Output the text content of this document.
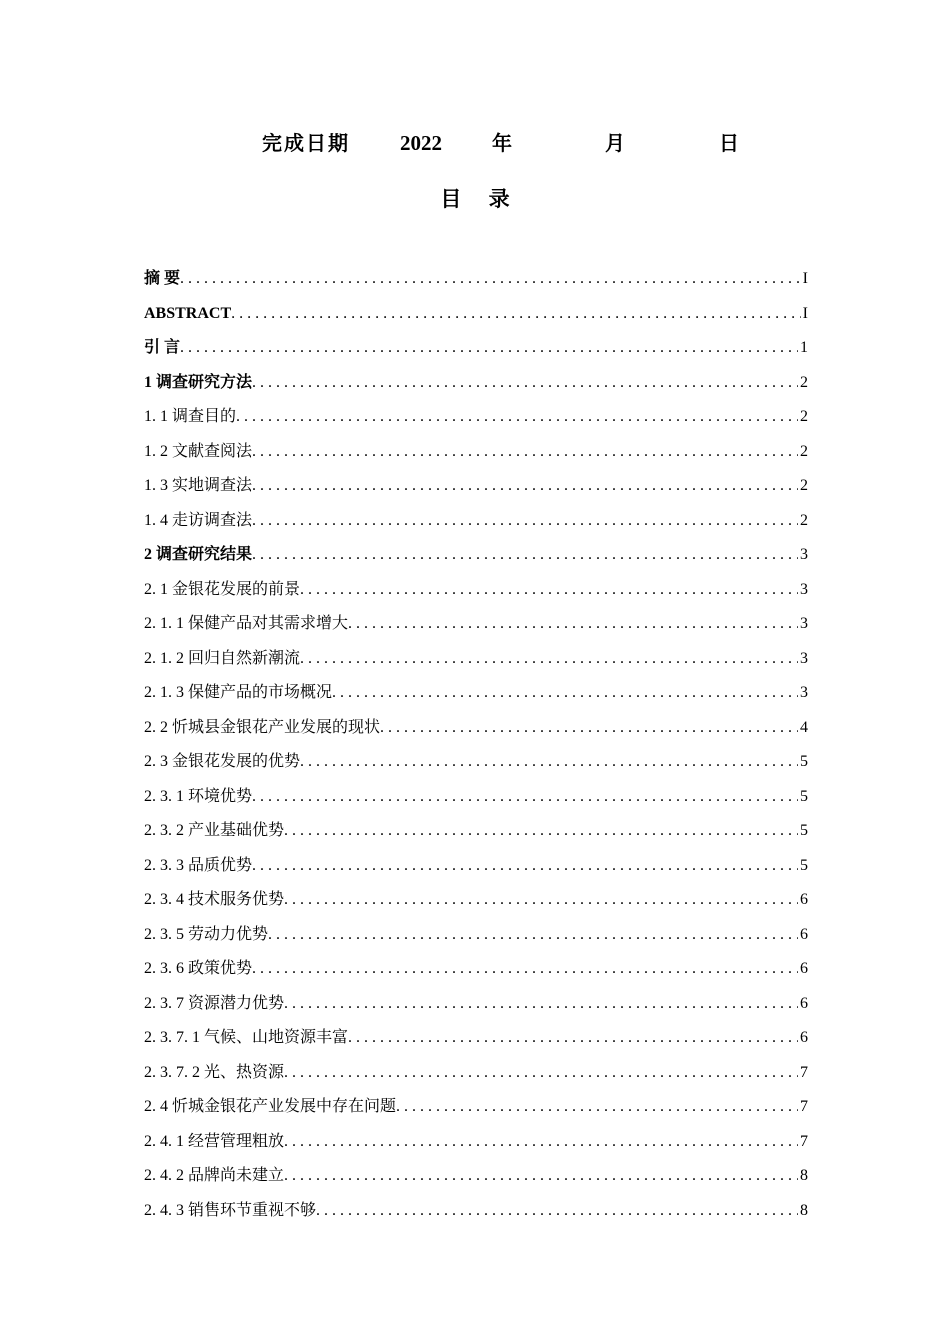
完成日期 2022	年	月	日
目 录
摘 要 . . .	I
ABSTRACT . . .	I
引 言 . . .	1
1 调查研究方法 . . .	2
1. 1 调查目的 . . .	2
1. 2 文献查阅法 . . .	2
1. 3 实地调查法 . . .	2
1. 4 走访调查法 . . .	2
2 调查研究结果 . . .	3
2. 1 金银花发展的前景 . . .	3
2. 1. 1 保健产品对其需求增大 . . .	3
2. 1. 2 回归自然新潮流 . . .	3
2. 1. 3 保健产品的市场概况 . . .	3
2. 2 忻城县金银花产业发展的现状 . . .	4
2. 3 金银花发展的优势 . . .	5
2. 3. 1 环境优势 . . .	5
2. 3. 2 产业基础优势 . . .	5
2. 3. 3 品质优势 . . .	5
2. 3. 4 技术服务优势 . . .	6
2. 3. 5 劳动力优势 . . .	6
2. 3. 6 政策优势 . . .	6
2. 3. 7 资源潜力优势 . . .	6
2. 3. 7. 1 气候、山地资源丰富 . . .	6
2. 3. 7. 2 光、热资源 . . .	7
2. 4 忻城金银花产业发展中存在问题 . . .	7
2. 4. 1 经营管理粗放 . . .	7
2. 4. 2 品牌尚未建立 . . .	8
2. 4. 3 销售环节重视不够 . . .	8
